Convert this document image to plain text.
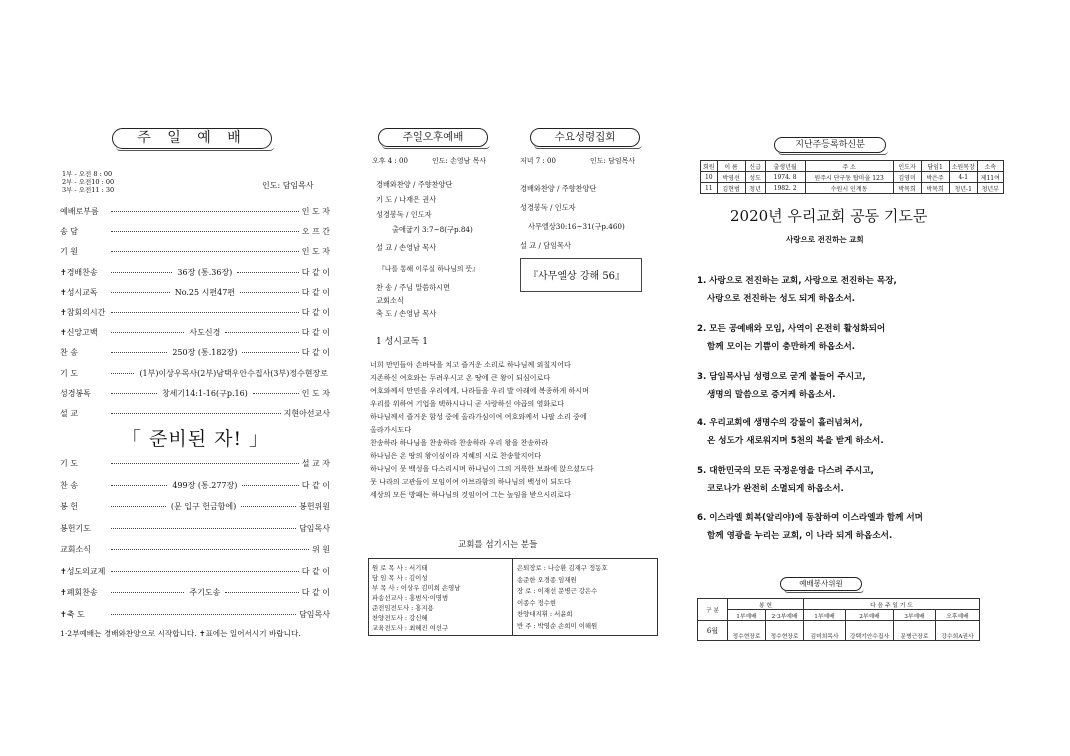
주 일 예 배
1부 - 오전 8 : 00
2부 - 오전10 : 00
3부 - 오전11 : 30	인도: 담임목사
예배로부름	인 도 자
송 담	오 프 간
기 원	인 도 자
✝경배찬송	36장 (통.36장)	다 같 이
✝성시교독	No.25 시편47편	다 같 이
✝참회의시간	다 같 이
✝신앙고백	사도신경	다 같 이
찬 송	250장 (통.182장)	다 같 이
기 도	(1부)이상우목사(2부)남택우안수집사(3부)정수현장로
성경봉독	창세기14:1-16(구p.16)	인 도 자
설 교	지현아선교사
「 준비된 자! 」
기 도	설 교 자
찬 송	499장 (통.277장)	다 같 이
봉 헌	(문 입구 헌금함에)	봉헌위원
봉헌기도	담임목사
교회소식	위 원
✝성도의교제	다 같 이
✝폐회찬송	주기도송	다 같 이
✝축 도	담임목사
1·2부예배는 경배와찬양으로 시작합니다. ✝표에는 일어서시기 바랍니다.
주일오후예배	수요성령집회
오후 4 : 00	인도: 손영남 목사	저녁 7 : 00	인도: 담임목사
경배와찬양 / 주향찬양단
기 도 / 나재은 권사
성경봉독 / 인도자
출애굽기 3:7~8(구p.84)
설 교 / 손영남 목사
『나를 통해 이루실 하나님의 뜻』
찬 송 / 주님 말씀하시면
교회소식
축 도 / 손영남 목사
경배와찬양 / 주향찬양단
성경봉독 / 인도자
사무엘상30:16~31(구p.460)
설 교 / 담임목사
『사무엘상 강해 56』
1 성시교독 1
너희 만민들아 손바닥을 치고 즐거운 소리로 하나님께 외칠지어다
지존하신 여호와는 두려우시고 온 땅에 큰 왕이 되심이로다
여호와께서 만민을 우리에게, 나라들을 우리 발 아래에 복종하게 하시며
우리를 위하여 기업을 택하시나니 곧 사랑하신 야곱의 영화로다
하나님께서 즐거운 함성 중에 올라가심이여 여호와께서 나팔 소리 중에
올라가시도다
찬송하라 하나님을 찬송하라 찬송하라 우리 왕을 찬송하라
하나님은 온 땅의 왕이심이라 지혜의 시로 찬송할지어다
하나님이 뭇 백성을 다스리시며 하나님이 그의 거룩한 보좌에 앉으셨도다
뭇 나라의 고관들이 모임이여 아브라함의 하나님의 백성이 되도다
세상의 모든 방패는 하나님의 것임이여 그는 높임을 받으시리로다
교회를 섬기시는 분들
원 로 목 사 : 서기태
담 임 목 사 : 김이성
부 목 사 : 이상우 김미희 손영남
파송선교사 : 홍범식·이명범
준전임전도사 : 홍지용
찬양전도사 : 강신혜
교육전도사 : 최혜진 여선구
은퇴장로 : 나승환 김재구 정동호
송준한 오경종 임재원
장 로 : 이재선 문병근 강은수
이종수 정수현
찬양대지휘 : 서윤희
반 주 : 박영순 손희미 이해원
지난주등록하신분
회원	이 름	신급	출생년월	주 소	인도자	담임1	소원목장	소속
10	박영선	성도	1974. 8	원주시 단구동 탑마을 123	김영미	박은주	4-1	제11여
11	김현범	청년	1982. 2	수원시 인계동	박목희	박목희	청년-1	청년부
2020년 우리교회 공동 기도문
사랑으로 전진하는 교회
1. 사랑으로 전진하는 교회, 사랑으로 전진하는 목장,
사랑으로 전진하는 성도 되게 하옵소서.
2. 모든 공예배와 모임, 사역이 온전히 활성화되어
함께 모이는 기쁨이 충만하게 하옵소서.
3. 담임목사님 성령으로 굳게 붙들어 주시고,
생명의 말씀으로 증거케 하옵소서.
4. 우리교회에 생명수의 강물이 흘러넘쳐서,
온 성도가 새로워지며 5천의 복을 받게 하소서.
5. 대한민국의 모든 국정운영을 다스려 주시고,
코로나가 완전히 소멸되게 하옵소서.
6. 이스라엘 회복(알리야)에 동참하여 이스라엘과 함께 서며
함께 영광을 누리는 교회, 이 나라 되게 하옵소서.
예배봉사위원
구 분	봉 헌		다 음 주 일 기 도			
	1부예배	2·3부예배	1부예배	2부예배	3부예배	오후예배
6월	정수현장로	정수현장로	김미희목사	강택기안수집사	문병근장로	강수희A권사
